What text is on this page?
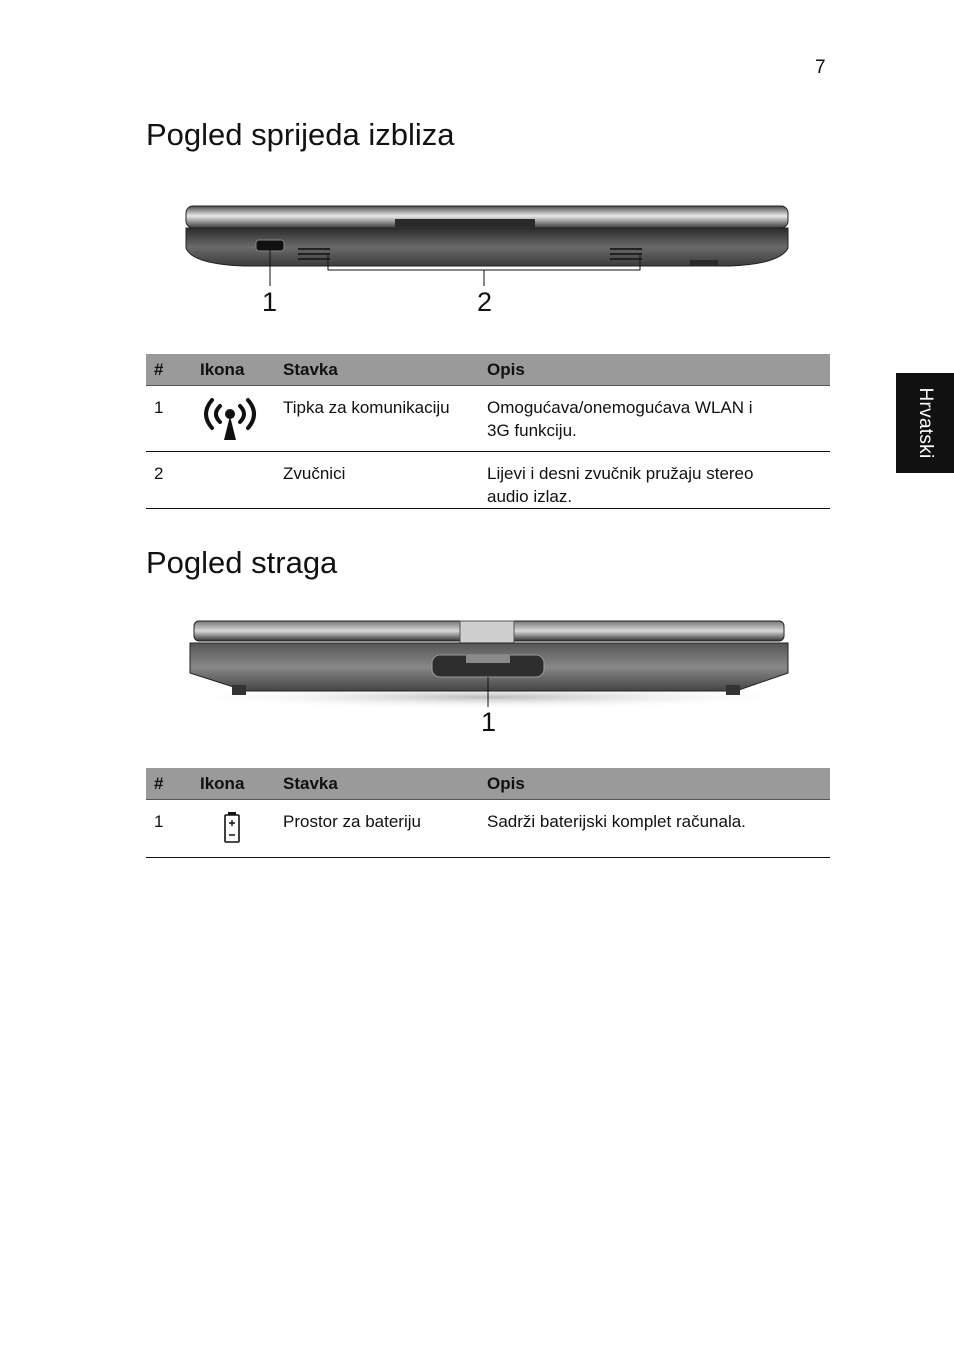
7
Hrvatski
Pogled sprijeda izbliza
1	2
#	Ikona	Stavka	Opis
1		Tipka za komunikaciju	Omogućava/onemogućava WLAN i
3G funkciju.

2		Zvučnici	Lijevi i desni zvučnik pružaju stereo
audio izlaz.
Pogled straga
1
#	Ikona	Stavka	Opis
1		Prostor za bateriju	Sadrži baterijski komplet računala.
